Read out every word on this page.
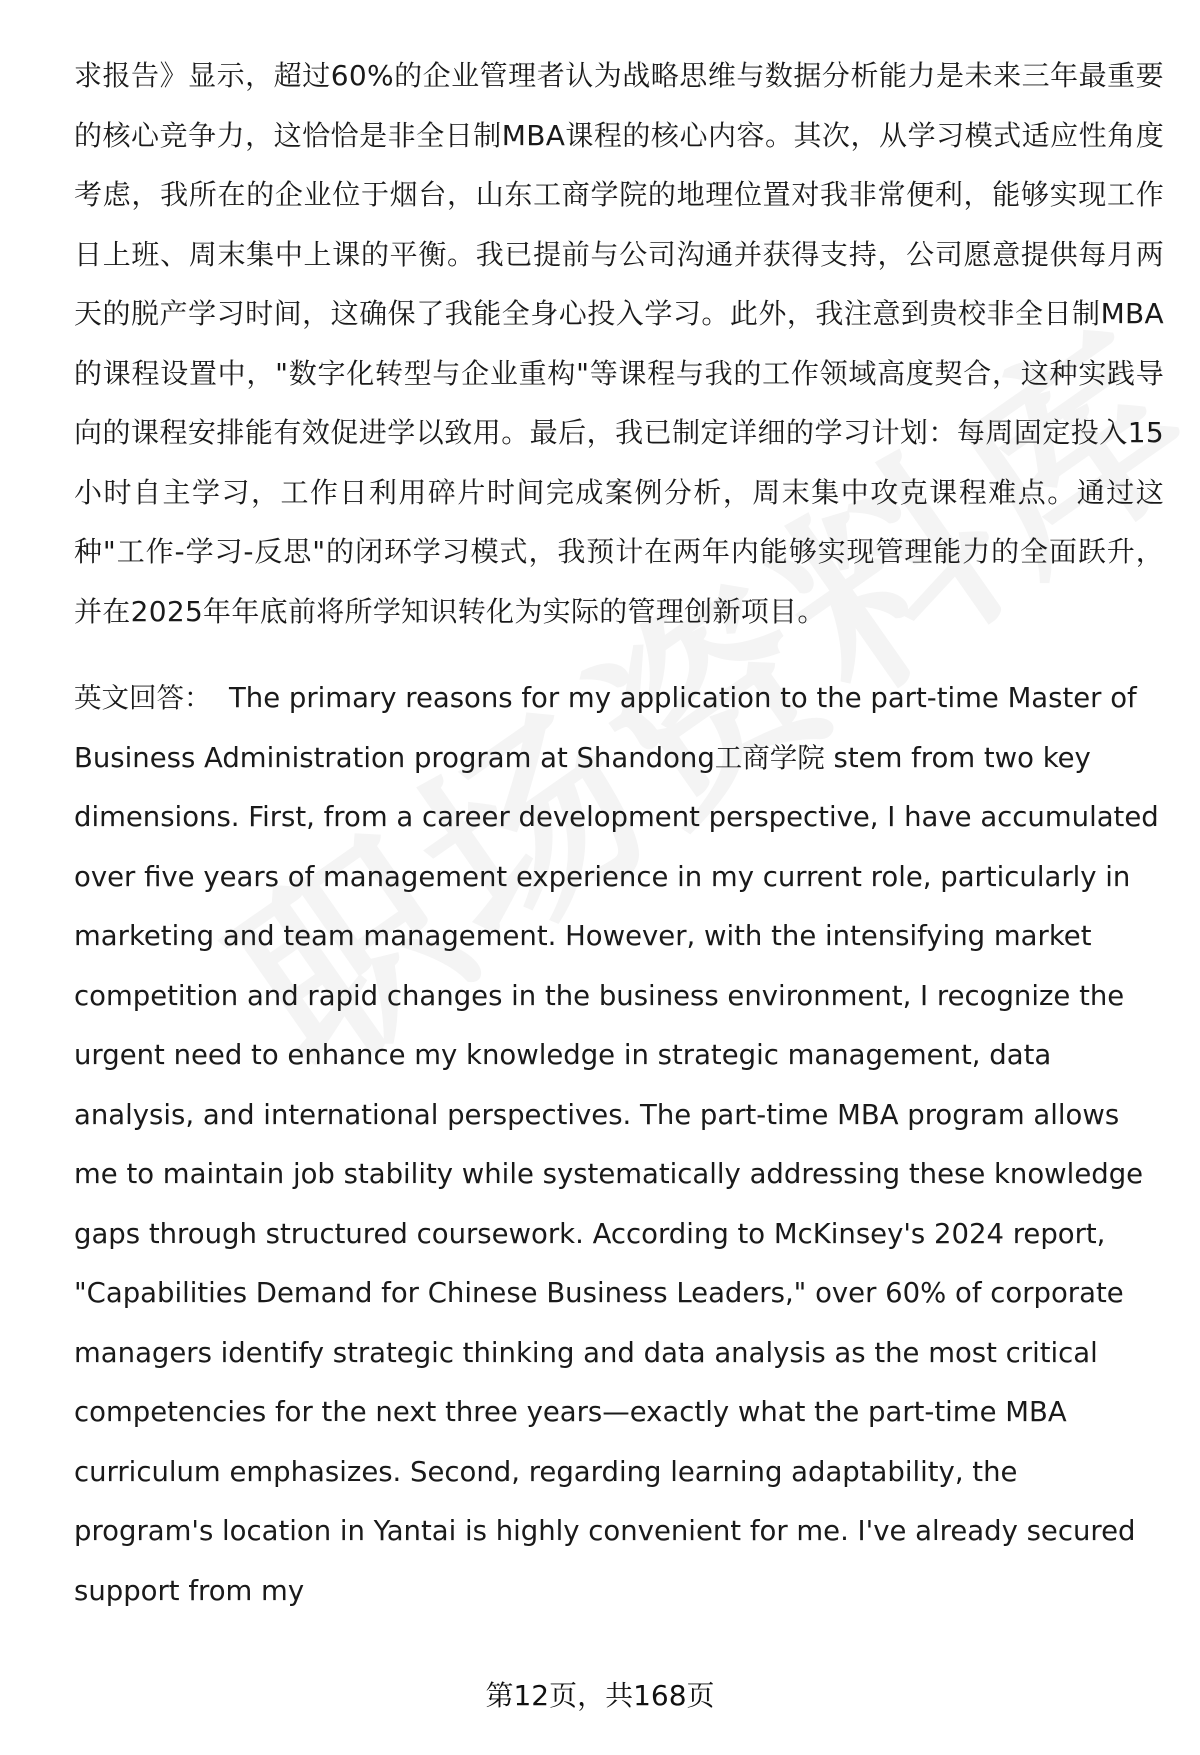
求报告》显示，超过60%的企业管理者认为战略思维与数据分析能力是未来三年最重要的核心竞争力，这恰恰是非全日制MBA课程的核心内容。其次，从学习模式适应性角度考虑，我所在的企业位于烟台，山东工商学院的地理位置对我非常便利，能够实现工作日上班、周末集中上课的平衡。我已提前与公司沟通并获得支持，公司愿意提供每月两天的脱产学习时间，这确保了我能全身心投入学习。此外，我注意到贵校非全日制MBA的课程设置中，"数字化转型与企业重构"等课程与我的工作领域高度契合，这种实践导向的课程安排能有效促进学以致用。最后，我已制定详细的学习计划：每周固定投入15小时自主学习，工作日利用碎片时间完成案例分析，周末集中攻克课程难点。通过这种"工作-学习-反思"的闭环学习模式，我预计在两年内能够实现管理能力的全面跃升，并在2025年年底前将所学知识转化为实际的管理创新项目。

英文回答： The primary reasons for my application to the part-time Master of Business Administration program at Shandong工商学院 stem from two key dimensions. First, from a career development perspective, I have accumulated over five years of management experience in my current role, particularly in marketing and team management. However, with the intensifying market competition and rapid changes in the business environment, I recognize the urgent need to enhance my knowledge in strategic management, data analysis, and international perspectives. The part-time MBA program allows me to maintain job stability while systematically addressing these knowledge gaps through structured coursework. According to McKinsey's 2024 report, "Capabilities Demand for Chinese Business Leaders," over 60% of corporate managers identify strategic thinking and data analysis as the most critical competencies for the next three years—exactly what the part-time MBA curriculum emphasizes. Second, regarding learning adaptability, the program's location in Yantai is highly convenient for me. I've already secured support from my

第12页，共168页
